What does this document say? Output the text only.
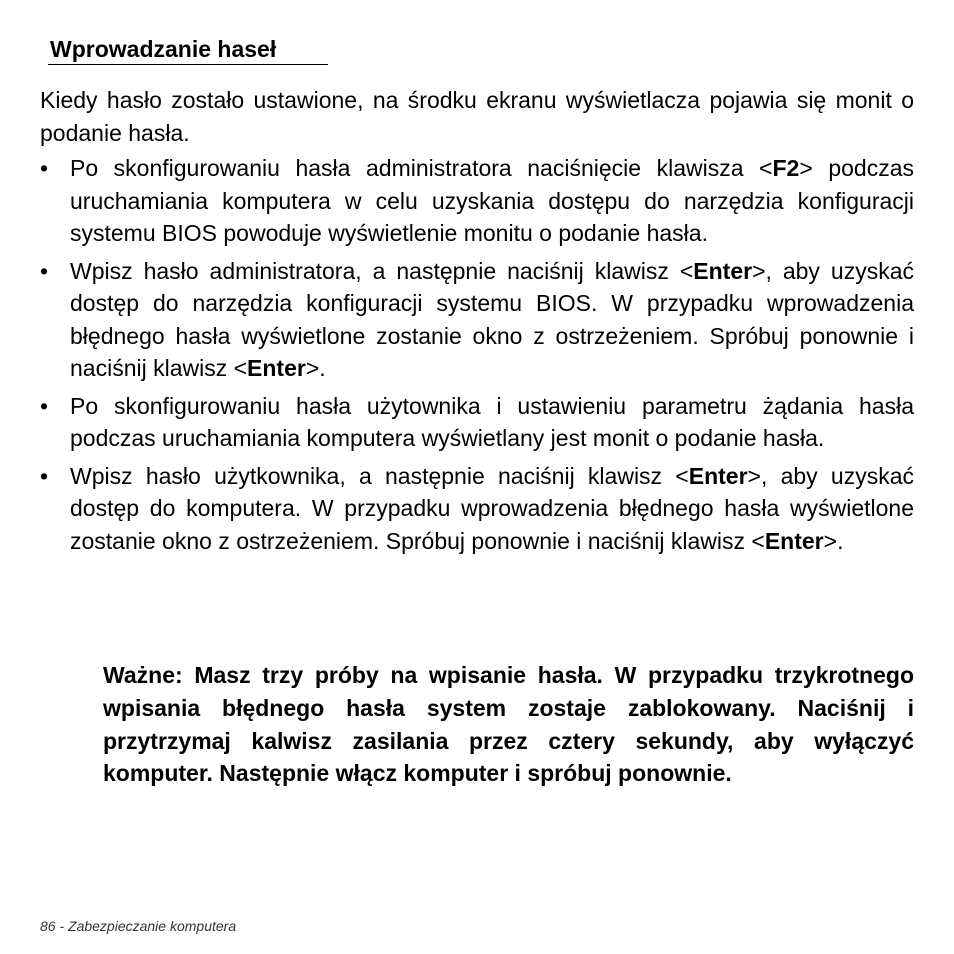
Wprowadzanie haseł

Kiedy hasło zostało ustawione, na środku ekranu wyświetlacza pojawia się monit o podanie hasła.

• Po skonfigurowaniu hasła administratora naciśnięcie klawisza <F2> podczas uruchamiania komputera w celu uzyskania dostępu do narzędzia konfiguracji systemu BIOS powoduje wyświetlenie monitu o podanie hasła.
• Wpisz hasło administratora, a następnie naciśnij klawisz <Enter>, aby uzyskać dostęp do narzędzia konfiguracji systemu BIOS. W przypadku wprowadzenia błędnego hasła wyświetlone zostanie okno z ostrzeżeniem. Spróbuj ponownie i naciśnij klawisz <Enter>.
• Po skonfigurowaniu hasła użytownika i ustawieniu parametru żądania hasła podczas uruchamiania komputera wyświetlany jest monit o podanie hasła.
• Wpisz hasło użytkownika, a następnie naciśnij klawisz <Enter>, aby uzyskać dostęp do komputera. W przypadku wprowadzenia błędnego hasła wyświetlone zostanie okno z ostrzeżeniem. Spróbuj ponownie i naciśnij klawisz <Enter>.

Ważne: Masz trzy próby na wpisanie hasła. W przypadku trzykrotnego wpisania błędnego hasła system zostaje zablokowany. Naciśnij i przytrzymaj kalwisz zasilania przez cztery sekundy, aby wyłączyć komputer. Następnie włącz komputer i spróbuj ponownie.

86 - Zabezpieczanie komputera
